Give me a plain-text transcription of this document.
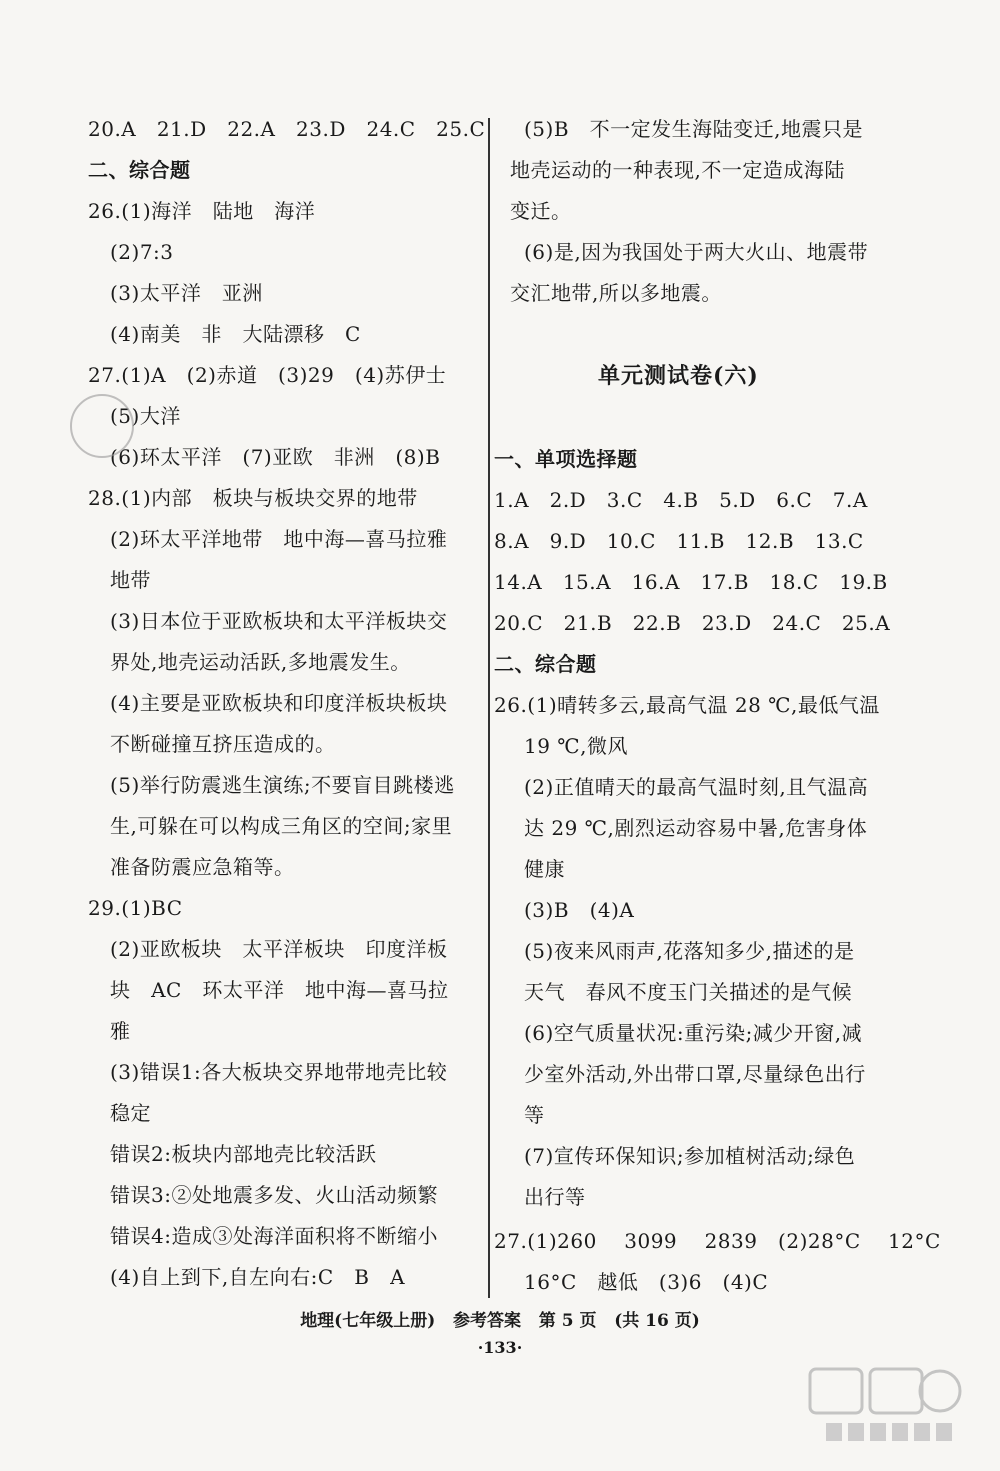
20.A   21.D   22.A   23.D   24.C   25.C
二、综合题
26.(1)海洋   陆地   海洋
(2)7:3
(3)太平洋   亚洲
(4)南美   非   大陆漂移   C
27.(1)A   (2)赤道   (3)29   (4)苏伊士
(5)大洋
(6)环太平洋   (7)亚欧   非洲   (8)B
28.(1)内部   板块与板块交界的地带
(2)环太平洋地带   地中海—喜马拉雅
地带
(3)日本位于亚欧板块和太平洋板块交
界处,地壳运动活跃,多地震发生。
(4)主要是亚欧板块和印度洋板块板块
不断碰撞互挤压造成的。
(5)举行防震逃生演练;不要盲目跳楼逃
生,可躲在可以构成三角区的空间;家里
准备防震应急箱等。
29.(1)BC
(2)亚欧板块   太平洋板块   印度洋板
块   AC   环太平洋   地中海—喜马拉
雅
(3)错误1:各大板块交界地带地壳比较
稳定
错误2:板块内部地壳比较活跃
错误3:②处地震多发、火山活动频繁
错误4:造成③处海洋面积将不断缩小
(4)自上到下,自左向右:C   B   A
(5)B   不一定发生海陆变迁,地震只是
地壳运动的一种表现,不一定造成海陆
变迁。
(6)是,因为我国处于两大火山、地震带
交汇地带,所以多地震。
单元测试卷(六)
一、单项选择题
1.A   2.D   3.C   4.B   5.D   6.C   7.A
8.A   9.D   10.C   11.B   12.B   13.C
14.A   15.A   16.A   17.B   18.C   19.B
20.C   21.B   22.B   23.D   24.C   25.A
二、综合题
26.(1)晴转多云,最高气温 28 ℃,最低气温
19 ℃,微风
(2)正值晴天的最高气温时刻,且气温高
达 29 ℃,剧烈运动容易中暑,危害身体
健康
(3)B   (4)A
(5)夜来风雨声,花落知多少,描述的是
天气   春风不度玉门关描述的是气候
(6)空气质量状况:重污染;减少开窗,减
少室外活动,外出带口罩,尽量绿色出行
等
(7)宣传环保知识;参加植树活动;绿色
出行等
27.(1)260    3099    2839   (2)28°C    12°C
16°C   越低   (3)6   (4)C
地理(七年级上册)   参考答案   第 5 页   (共 16 页)
·133·
